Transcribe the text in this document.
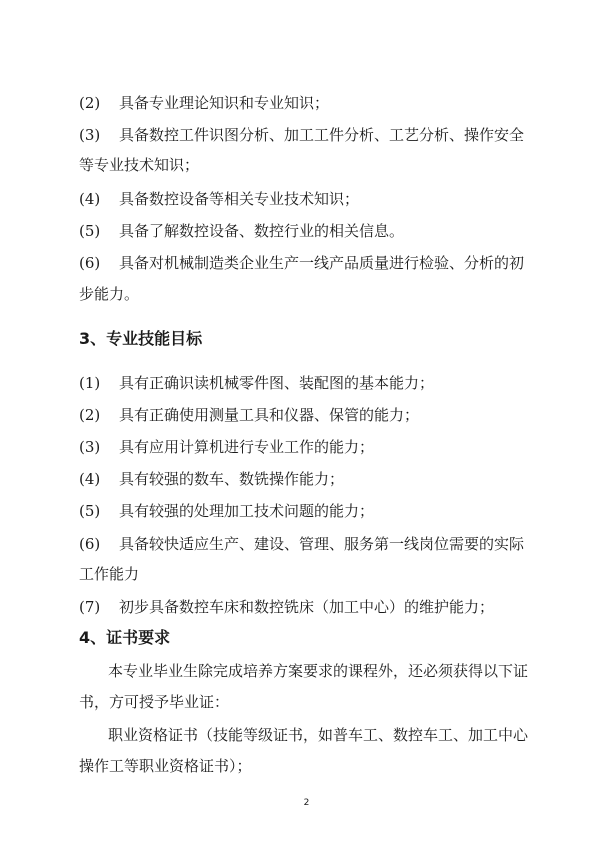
(2) 具备专业理论知识和专业知识；
(3) 具备数控工件识图分析、加工工件分析、工艺分析、操作安全
等专业技术知识；
(4) 具备数控设备等相关专业技术知识；
(5) 具备了解数控设备、数控行业的相关信息。
(6) 具备对机械制造类企业生产一线产品质量进行检验、分析的初
步能力。
3、专业技能目标
(1) 具有正确识读机械零件图、装配图的基本能力；
(2) 具有正确使用测量工具和仪器、保管的能力；
(3) 具有应用计算机进行专业工作的能力；
(4) 具有较强的数车、数铣操作能力；
(5) 具有较强的处理加工技术问题的能力；
(6) 具备较快适应生产、建设、管理、服务第一线岗位需要的实际
工作能力
(7) 初步具备数控车床和数控铣床（加工中心）的维护能力；
4、证书要求
本专业毕业生除完成培养方案要求的课程外，还必须获得以下证
书，方可授予毕业证：
职业资格证书（技能等级证书，如普车工、数控车工、加工中心
操作工等职业资格证书）；
2
